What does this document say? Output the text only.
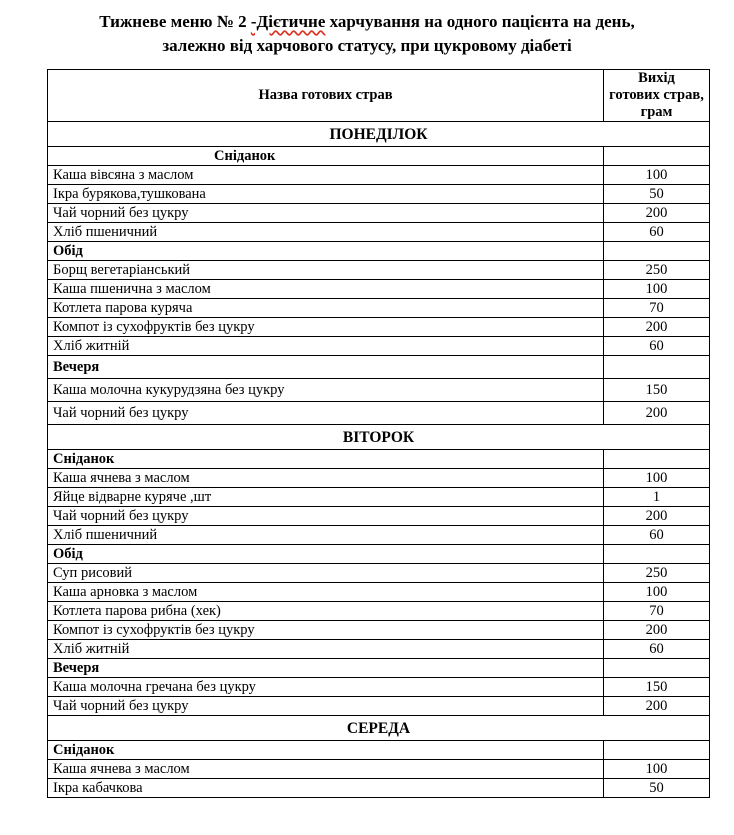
Тижневе меню № 2 -Дієтичне харчування на одного пацієнта на день,
залежно від харчового статусу, при цукровому діабеті
Назва готових страв	Вихід
готових страв, грам

ПОНЕДІЛОК	
Сніданок	
Каша вівсяна з маслом	100
Ікра бурякова,тушкована	50
Чай чорний без цукру	200
Хліб пшеничний	60
Обід	
Борщ вегетаріанський	250
Каша пшенична з маслом	100
Котлета парова куряча	70
Компот із сухофруктів без цукру	200
Хліб житній	60
Вечеря	
Каша молочна кукурудзяна без цукру	150
Чай чорний без цукру	200
ВІТОРОК	
Сніданок	
Каша ячнева з маслом	100
Яйце відварне куряче ,шт	1
Чай чорний без цукру	200
Хліб пшеничний	60
Обід	
Суп рисовий	250
Каша арновка з маслом	100
Котлета парова рибна (хек)	70
Компот із сухофруктів без цукру	200
Хліб житній	60
Вечеря	
Каша молочна гречана без цукру	150
Чай чорний без цукру	200
СЕРЕДА	
Сніданок	
Каша ячнева з маслом	100
Ікра кабачкова	50
